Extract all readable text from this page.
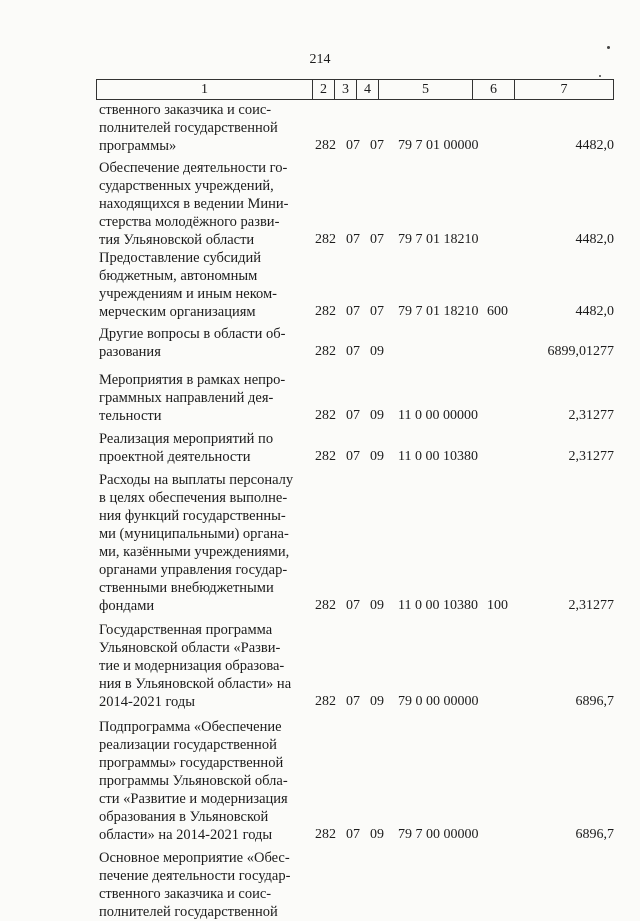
214
1	2	3	4	5	6	7
ственного заказчика и соис-
полнителей государственной
программы»	282 07 07 79 7 01 00000	4482,0
Обеспечение деятельности го-
сударственных учреждений,
находящихся в ведении Мини-
стерства молодёжного разви-
тия Ульяновской области	282 07 07 79 7 01 18210	4482,0
Предоставление субсидий
бюджетным, автономным
учреждениям и иным неком-
мерческим организациям	282 07 07 79 7 01 18210 600	4482,0
Другие вопросы в области об-
разования	282 07 09	6899,01277
Мероприятия в рамках непро-
граммных направлений дея-
тельности	282 07 09 11 0 00 00000	2,31277
Реализация мероприятий по
проектной деятельности	282 07 09 11 0 00 10380	2,31277
Расходы на выплаты персоналу
в целях обеспечения выполне-
ния функций государственны-
ми (муниципальными) органа-
ми, казёнными учреждениями,
органами управления государ-
ственными внебюджетными
фондами	282 07 09 11 0 00 10380 100	2,31277
Государственная программа
Ульяновской области «Разви-
тие и модернизация образова-
ния в Ульяновской области» на
2014-2021 годы	282 07 09 79 0 00 00000	6896,7
Подпрограмма «Обеспечение
реализации государственной
программы» государственной
программы Ульяновской обла-
сти «Развитие и модернизация
образования в Ульяновской
области» на 2014-2021 годы	282 07 09 79 7 00 00000	6896,7
Основное мероприятие «Обес-
печение деятельности государ-
ственного заказчика и соис-
полнителей государственной
